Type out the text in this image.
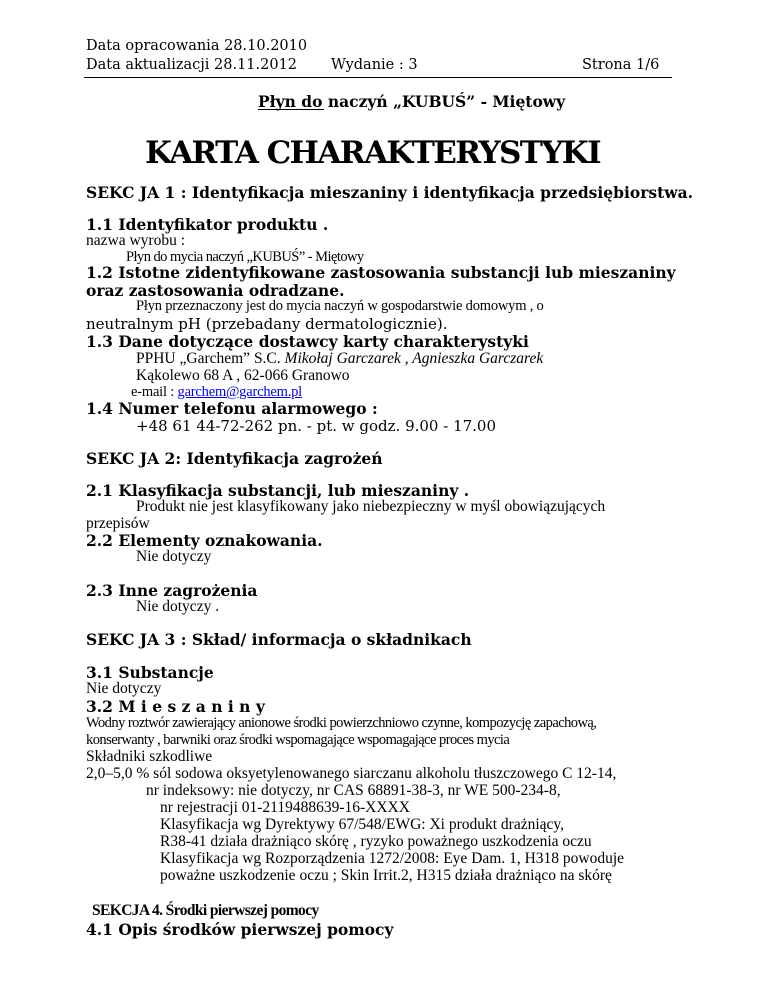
Data opracowania 28.10.2010
Data aktualizacji 28.11.2012 Wydanie : 3	Strona 1/6
Płyn do naczyń „KUBUŚ” - Miętowy
KARTA CHARAKTERYSTYKI
SEKC JA 1 : Identyfikacja mieszaniny i identyfikacja przedsiębiorstwa.
1.1 Identyfikator produktu .
nazwa wyrobu :
Płyn do mycia naczyń „KUBUŚ” - Miętowy
1.2 Istotne zidentyfikowane zastosowania substancji lub mieszaniny
oraz zastosowania odradzane.
Płyn przeznaczony jest do mycia naczyń w gospodarstwie domowym , o
neutralnym pH (przebadany dermatologicznie).
1.3 Dane dotyczące dostawcy karty charakterystyki
PPHU „Garchem” S.C. Mikołaj Garczarek , Agnieszka Garczarek
Kąkolewo 68 A , 62-066 Granowo
e-mail : garchem@garchem.pl
1.4 Numer telefonu alarmowego :
+48 61 44-72-262 pn. - pt. w godz. 9.00 - 17.00
SEKC JA 2: Identyfikacja zagrożeń
2.1 Klasyfikacja substancji, lub mieszaniny .
Produkt nie jest klasyfikowany jako niebezpieczny w myśl obowiązujących
przepisów
2.2 Elementy oznakowania.
Nie dotyczy
2.3 Inne zagrożenia
Nie dotyczy .
SEKC JA 3 : Skład/ informacja o składnikach
3.1 Substancje
Nie dotyczy
3.2 M i e s z a n i n y
Wodny roztwór zawierający anionowe środki powierzchniowo czynne, kompozycję zapachową,
konserwanty , barwniki oraz środki wspomagające wspomagające proces mycia
Składniki szkodliwe
2,0–5,0 % sól sodowa oksyetylenowanego siarczanu alkoholu tłuszczowego C 12-14,
nr indeksowy: nie dotyczy, nr CAS 68891-38-3, nr WE 500-234-8,
nr rejestracji 01-2119488639-16-XXXX
Klasyfikacja wg Dyrektywy 67/548/EWG: Xi produkt drażniący,
R38-41 działa drażniąco skórę , ryzyko poważnego uszkodzenia oczu
Klasyfikacja wg Rozporządzenia 1272/2008: Eye Dam. 1, H318 powoduje
poważne uszkodzenie oczu ; Skin Irrit.2, H315 działa drażniąco na skórę
SEKCJA 4. Środki pierwszej pomocy
4.1 Opis środków pierwszej pomocy
